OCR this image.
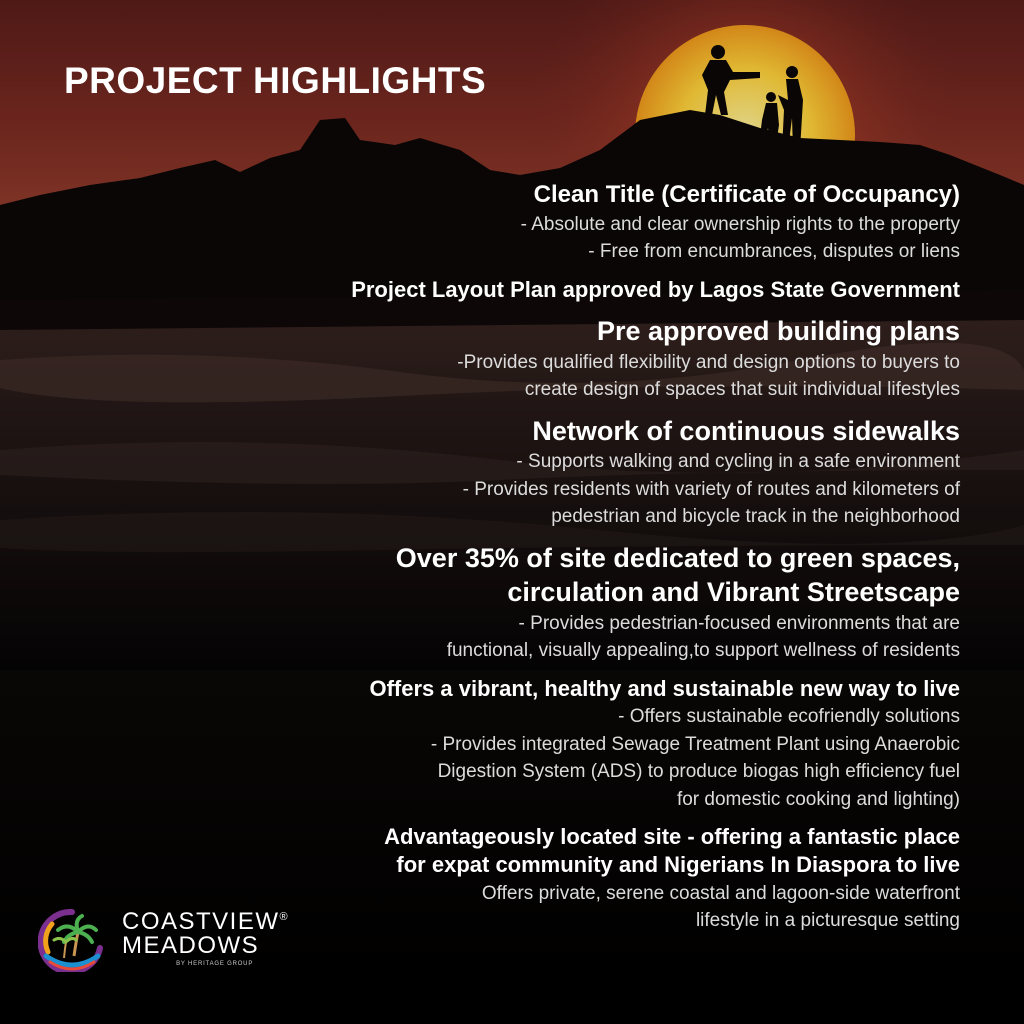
PROJECT HIGHLIGHTS
Clean Title (Certificate of Occupancy)
- Absolute and clear ownership rights to the property
- Free from encumbrances, disputes or liens
Project Layout Plan approved by Lagos State Government
Pre approved building plans
-Provides qualified flexibility and design options to buyers to
create design of spaces that suit individual lifestyles
Network of continuous sidewalks
- Supports walking and cycling in a safe environment
- Provides residents with variety of routes and kilometers of
pedestrian and bicycle track in the neighborhood
Over 35% of site dedicated to green spaces,
circulation and Vibrant Streetscape
- Provides pedestrian-focused environments that are
functional, visually appealing,to support wellness of residents
Offers a vibrant, healthy and sustainable new way to live
- Offers sustainable ecofriendly solutions
- Provides integrated Sewage Treatment Plant using Anaerobic
Digestion System (ADS) to produce biogas high efficiency fuel
for domestic cooking and lighting)
Advantageously located site - offering a fantastic place
for expat community and Nigerians In Diaspora to live
Offers private, serene coastal and lagoon-side waterfront
lifestyle in a picturesque setting
COASTVIEW®
MEADOWS
BY HERITAGE GROUP
